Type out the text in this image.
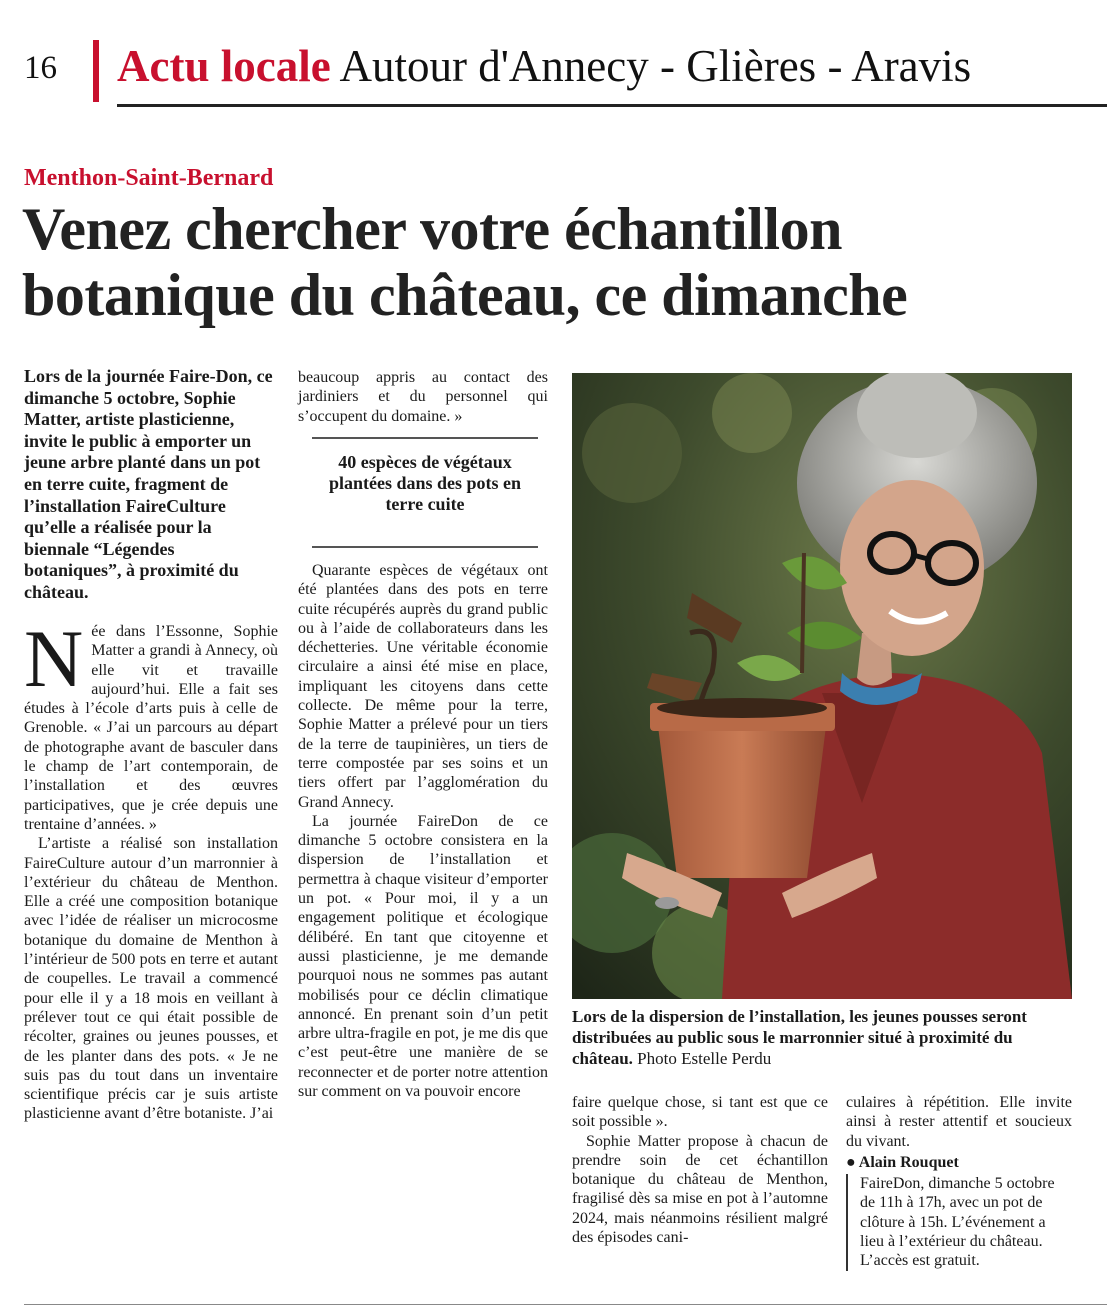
16 Actu locale Autour d'Annecy - Glières - Aravis
Menthon-Saint-Bernard
Venez chercher votre échantillon botanique du château, ce dimanche
Lors de la journée Faire-Don, ce dimanche 5 octobre, Sophie Matter, artiste plasticienne, invite le public à emporter un jeune arbre planté dans un pot en terre cuite, fragment de l’installation FaireCulture qu’elle a réalisée pour la biennale “Légendes botaniques”, à proximité du château.

Née dans l’Essonne, Sophie Matter a grandi à Annecy, où elle vit et travaille aujourd’hui. Elle a fait ses études à l’école d’arts puis à celle de Grenoble. « J’ai un parcours au départ de photographe avant de basculer dans le champ de l’art contemporain, de l’installation et des œuvres participatives, que je crée depuis une trentaine d’années. »

L’artiste a réalisé son installation FaireCulture autour d’un marronnier à l’extérieur du château de Menthon. Elle a créé une composition botanique avec l’idée de réaliser un microcosme botanique du domaine de Menthon à l’intérieur de 500 pots en terre et autant de coupelles. Le travail a commencé pour elle il y a 18 mois en veillant à prélever tout ce qui était possible de récolter, graines ou jeunes pousses, et de les planter dans des pots. « Je ne suis pas du tout dans un inventaire scientifique précis car je suis artiste plasticienne avant d’être botaniste. J’ai

beaucoup appris au contact des jardiniers et du personnel qui s’occupent du domaine. »

40 espèces de végétaux plantées dans des pots en terre cuite

Quarante espèces de végétaux ont été plantées dans des pots en terre cuite récupérés auprès du grand public ou à l’aide de collaborateurs dans les déchetteries. Une véritable économie circulaire a ainsi été mise en place, impliquant les citoyens dans cette collecte. De même pour la terre, Sophie Matter a prélevé pour un tiers de la terre de taupinières, un tiers de terre compostée par ses soins et un tiers offert par l’agglomération du Grand Annecy.

La journée FaireDon de ce dimanche 5 octobre consistera en la dispersion de l’installation et permettra à chaque visiteur d’emporter un pot. « Pour moi, il y a un engagement politique et écologique délibéré. En tant que citoyenne et aussi plasticienne, je me demande pourquoi nous ne sommes pas autant mobilisés pour ce déclin climatique annoncé. En prenant soin d’un petit arbre ultra-fragile en pot, je me dis que c’est peut-être une manière de se reconnecter et de porter notre attention sur comment on va pouvoir encore

Lors de la dispersion de l’installation, les jeunes pousses seront distribuées au public sous le marronnier situé à proximité du château. Photo Estelle Perdu

faire quelque chose, si tant est que ce soit possible ».

Sophie Matter propose à chacun de prendre soin de cet échantillon botanique du château de Menthon, fragilisé dès sa mise en pot à l’automne 2024, mais néanmoins résilient malgré des épisodes cani-

culaires à répétition. Elle invite ainsi à rester attentif et soucieux du vivant.

● Alain Rouquet
FaireDon, dimanche 5 octobre de 11h à 17h, avec un pot de clôture à 15h. L’événement a lieu à l’extérieur du château. L’accès est gratuit.
